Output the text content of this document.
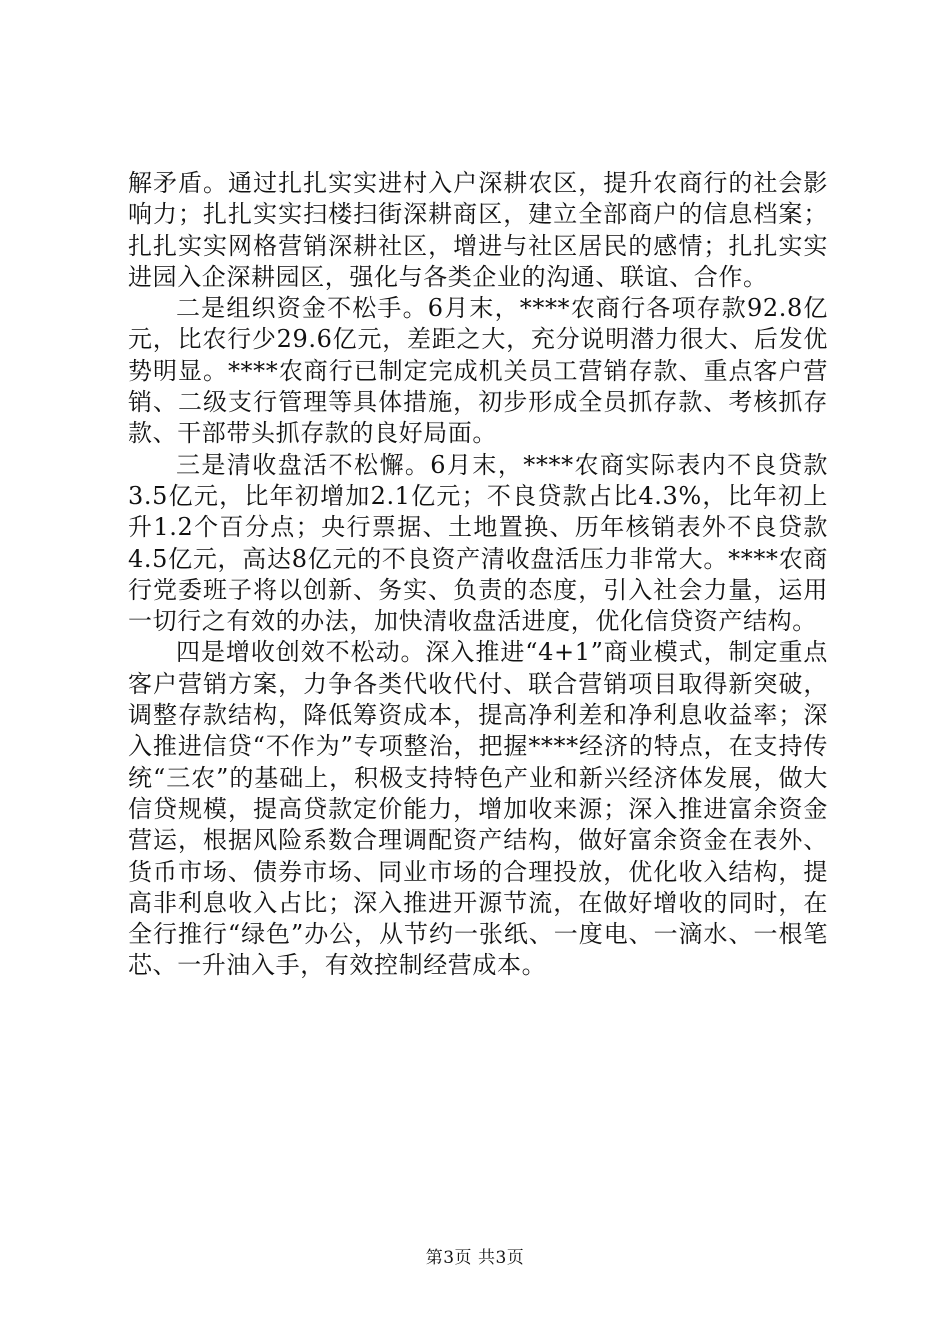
解矛盾。通过扎扎实实进村入户深耕农区，提升农商行的社会影响力；扎扎实实扫楼扫街深耕商区，建立全部商户的信息档案；扎扎实实网格营销深耕社区，增进与社区居民的感情；扎扎实实进园入企深耕园区，强化与各类企业的沟通、联谊、合作。

二是组织资金不松手。6月末，****农商行各项存款92.8亿元，比农行少29.6亿元，差距之大，充分说明潜力很大、后发优势明显。****农商行已制定完成机关员工营销存款、重点客户营销、二级支行管理等具体措施，初步形成全员抓存款、考核抓存款、干部带头抓存款的良好局面。

三是清收盘活不松懈。6月末，****农商实际表内不良贷款3.5亿元，比年初增加2.1亿元；不良贷款占比4.3%，比年初上升1.2个百分点；央行票据、土地置换、历年核销表外不良贷款4.5亿元，高达8亿元的不良资产清收盘活压力非常大。****农商行党委班子将以创新、务实、负责的态度，引入社会力量，运用一切行之有效的办法，加快清收盘活进度，优化信贷资产结构。

四是增收创效不松动。深入推进“4+1”商业模式，制定重点客户营销方案，力争各类代收代付、联合营销项目取得新突破，调整存款结构，降低筹资成本，提高净利差和净利息收益率；深入推进信贷“不作为”专项整治，把握****经济的特点，在支持传统“三农”的基础上，积极支持特色产业和新兴经济体发展，做大信贷规模，提高贷款定价能力，增加收来源；深入推进富余资金营运，根据风险系数合理调配资产结构，做好富余资金在表外、货币市场、债券市场、同业市场的合理投放，优化收入结构，提高非利息收入占比；深入推进开源节流，在做好增收的同时，在全行推行“绿色”办公，从节约一张纸、一度电、一滴水、一根笔芯、一升油入手，有效控制经营成本。

第3页 共3页
